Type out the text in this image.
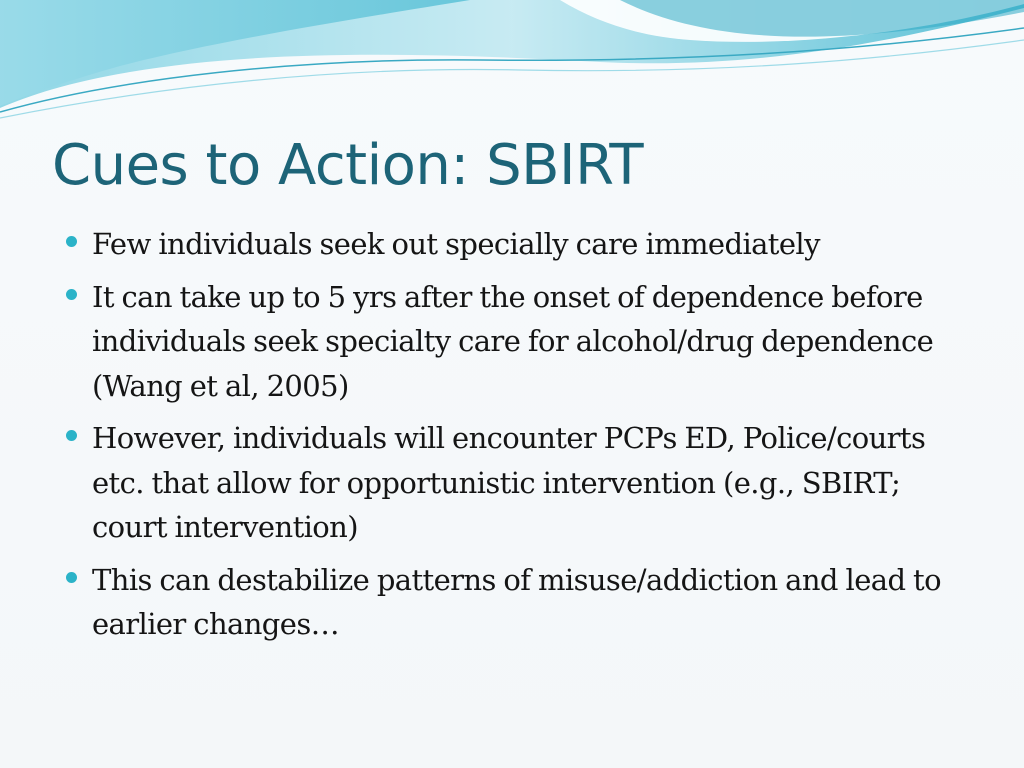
Cues to Action: SBIRT
Few individuals seek out specially care immediately
It can take up to 5 yrs after the onset of dependence before individuals seek specialty care for alcohol/drug dependence (Wang et al, 2005)
However, individuals will encounter PCPs ED, Police/courts etc. that allow for opportunistic intervention (e.g., SBIRT; court intervention)
This can destabilize patterns of misuse/addiction and lead to earlier changes…
